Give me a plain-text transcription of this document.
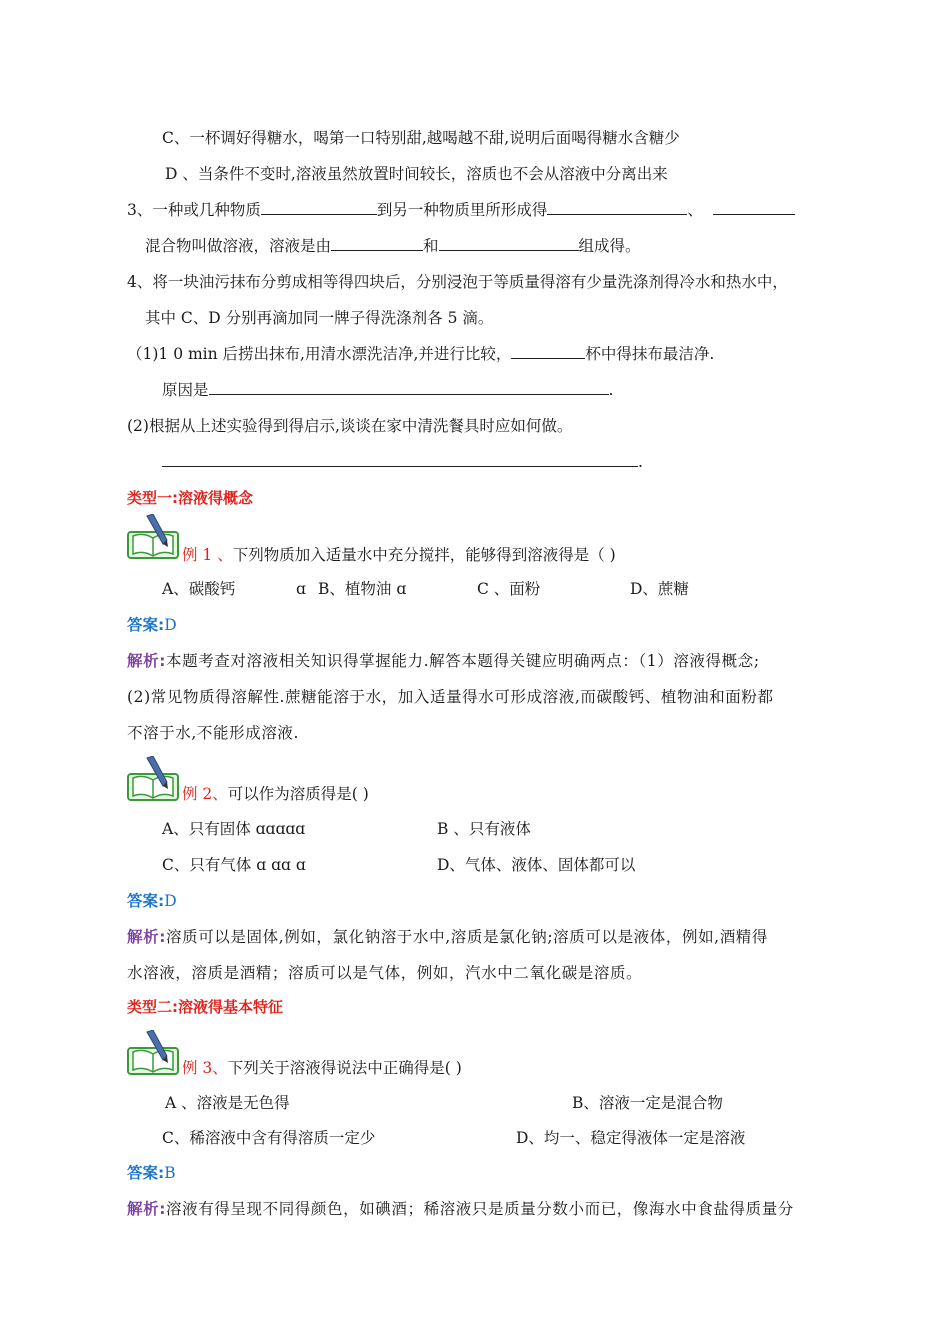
C、一杯调好得糖水，喝第一口特别甜,越喝越不甜,说明后面喝得糖水含糖少
D 、当条件不变时,溶液虽然放置时间较长，溶质也不会从溶液中分离出来
3、一种或几种物质	到另一种物质里所形成得	、
混合物叫做溶液，溶液是由	和	组成得。
4、将一块油污抹布分剪成相等得四块后，分别浸泡于等质量得溶有少量洗涤剂得冷水和热水中，
其中 C、D 分别再滴加同一牌子得洗涤剂各 5 滴。
（1)1 0 min 后捞出抹布,用清水漂洗洁净,并进行比较，	杯中得抹布最洁净.
原因是	.
(2)根据从上述实验得到得启示,谈谈在家中清洗餐具时应如何做。
.
类型一:溶液得概念
例 1 、下列物质加入适量水中充分搅拌，能够得到溶液得是（ )
A、碳酸钙	ɑ B、植物油 ɑ	C 、面粉	D、蔗糖
答案:D
解析:本题考查对溶液相关知识得掌握能力.解答本题得关键应明确两点：（1）溶液得概念;
(2)常见物质得溶解性.蔗糖能溶于水，加入适量得水可形成溶液,而碳酸钙、植物油和面粉都
不溶于水,不能形成溶液.
例 2、可以作为溶质得是( )
A、只有固体 ɑɑɑɑɑ	B 、只有液体
C、只有气体 ɑ ɑɑ ɑ	D、气体、液体、固体都可以
答案:D
解析:溶质可以是固体,例如，氯化钠溶于水中,溶质是氯化钠;溶质可以是液体，例如,酒精得
水溶液，溶质是酒精；溶质可以是气体，例如，汽水中二氧化碳是溶质。
类型二:溶液得基本特征
例 3、下列关于溶液得说法中正确得是( )
A 、溶液是无色得	B、溶液一定是混合物
C、稀溶液中含有得溶质一定少	D、均一、稳定得液体一定是溶液
答案:B
解析:溶液有得呈现不同得颜色，如碘酒；稀溶液只是质量分数小而已，像海水中食盐得质量分
